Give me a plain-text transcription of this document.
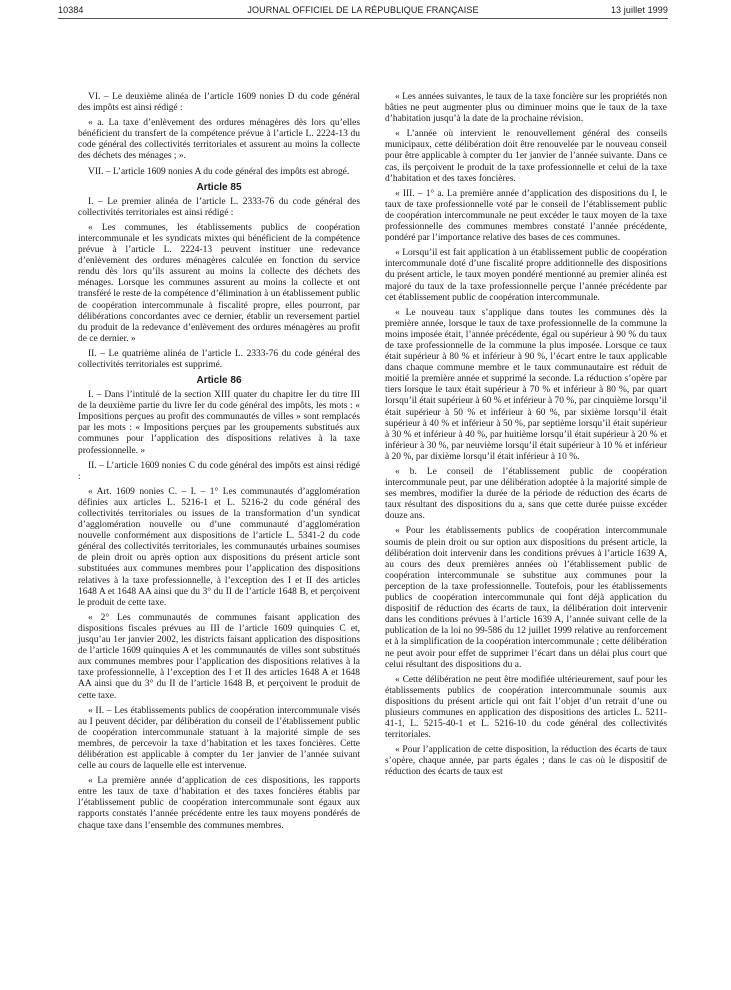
10384	JOURNAL OFFICIEL DE LA RÉPUBLIQUE FRANÇAISE	13 juillet 1999

VI. – Le deuxième alinéa de l’article 1609 nonies D du code général des impôts est ainsi rédigé :

« a. La taxe d’enlèvement des ordures ménagères dès lors qu’elles bénéficient du transfert de la compétence prévue à l’article L. 2224-13 du code général des collectivités territoriales et assurent au moins la collecte des déchets des ménages ; ».

VII. – L’article 1609 nonies A du code général des impôts est abrogé.

Article 85

I. – Le premier alinéa de l’article L. 2333-76 du code général des collectivités territoriales est ainsi rédigé :

« Les communes, les établissements publics de coopération intercommunale et les syndicats mixtes qui bénéficient de la compétence prévue à l’article L. 2224-13 peuvent instituer une redevance d’enlèvement des ordures ménagères calculée en fonction du service rendu dès lors qu’ils assurent au moins la collecte des déchets des ménages. Lorsque les communes assurent au moins la collecte et ont transféré le reste de la compétence d’élimination à un établissement public de coopération intercommunale à fiscalité propre, elles pourront, par délibérations concordantes avec ce dernier, établir un reversement partiel du produit de la redevance d’enlèvement des ordures ménagères au profit de ce dernier. »

II. – Le quatrième alinéa de l’article L. 2333-76 du code général des collectivités territoriales est supprimé.

Article 86

I. – Dans l’intitulé de la section XIII quater du chapitre Ier du titre III de la deuxième partie du livre Ier du code général des impôts, les mots : « Impositions perçues au profit des communautés de villes » sont remplacés par les mots : « Impositions perçues par les groupements substitués aux communes pour l’application des dispositions relatives à la taxe professionnelle. »

II. – L’article 1609 nonies C du code général des impôts est ainsi rédigé :

« Art. 1609 nonies C. – I. – 1° Les communautés d’agglomération définies aux articles L. 5216-1 et L. 5216-2 du code général des collectivités territoriales ou issues de la transformation d’un syndicat d’agglomération nouvelle ou d’une communauté d’agglomération nouvelle conformément aux dispositions de l’article L. 5341-2 du code général des collectivités territoriales, les communautés urbaines soumises de plein droit ou après option aux dispositions du présent article sont substituées aux communes membres pour l’application des dispositions relatives à la taxe professionnelle, à l’exception des I et II des articles 1648 A et 1648 AA ainsi que du 3° du II de l’article 1648 B, et perçoivent le produit de cette taxe.

« 2° Les communautés de communes faisant application des dispositions fiscales prévues au III de l’article 1609 quinquies C et, jusqu’au 1er janvier 2002, les districts faisant application des dispositions de l’article 1609 quinquies A et les communautés de villes sont substitués aux communes membres pour l’application des dispositions relatives à la taxe professionnelle, à l’exception des I et II des articles 1648 A et 1648 AA ainsi que du 3° du II de l’article 1648 B, et perçoivent le produit de cette taxe.

« II. – Les établissements publics de coopération intercommunale visés au I peuvent décider, par délibération du conseil de l’établissement public de coopération intercommunale statuant à la majorité simple de ses membres, de percevoir la taxe d’habitation et les taxes foncières. Cette délibération est applicable à compter du 1er janvier de l’année suivant celle au cours de laquelle elle est intervenue.

« La première année d’application de ces dispositions, les rapports entre les taux de taxe d’habitation et des taxes foncières établis par l’établissement public de coopération intercommunale sont égaux aux rapports constatés l’année précédente entre les taux moyens pondérés de chaque taxe dans l’ensemble des communes membres.

« Les années suivantes, le taux de la taxe foncière sur les propriétés non bâties ne peut augmenter plus ou diminuer moins que le taux de la taxe d’habitation jusqu’à la date de la prochaine révision.

« L’année où intervient le renouvellement général des conseils municipaux, cette délibération doit être renouvelée par le nouveau conseil pour être applicable à compter du 1er janvier de l’année suivante. Dans ce cas, ils perçoivent le produit de la taxe professionnelle et celui de la taxe d’habitation et des taxes foncières.

« III. – 1° a. La première année d’application des dispositions du I, le taux de taxe professionnelle voté par le conseil de l’établissement public de coopération intercommunale ne peut excéder le taux moyen de la taxe professionnelle des communes membres constaté l’année précédente, pondéré par l’importance relative des bases de ces communes.

« Lorsqu’il est fait application à un établissement public de coopération intercommunale doté d’une fiscalité propre additionnelle des dispositions du présent article, le taux moyen pondéré mentionné au premier alinéa est majoré du taux de la taxe professionnelle perçue l’année précédente par cet établissement public de coopération intercommunale.

« Le nouveau taux s’applique dans toutes les communes dès la première année, lorsque le taux de taxe professionnelle de la commune la moins imposée était, l’année précédente, égal ou supérieur à 90 % du taux de taxe professionnelle de la commune la plus imposée. Lorsque ce taux était supérieur à 80 % et inférieur à 90 %, l’écart entre le taux applicable dans chaque commune membre et le taux communautaire est réduit de moitié la première année et supprimé la seconde. La réduction s’opère par tiers lorsque le taux était supérieur à 70 % et inférieur à 80 %, par quart lorsqu’il était supérieur à 60 % et inférieur à 70 %, par cinquième lorsqu’il était supérieur à 50 % et inférieur à 60 %, par sixième lorsqu’il était supérieur à 40 % et inférieur à 50 %, par septième lorsqu’il était supérieur à 30 % et inférieur à 40 %, par huitième lorsqu’il était supérieur à 20 % et inférieur à 30 %, par neuvième lorsqu’il était supérieur à 10 % et inférieur à 20 %, par dixième lorsqu’il était inférieur à 10 %.

« b. Le conseil de l’établissement public de coopération intercommunale peut, par une délibération adoptée à la majorité simple de ses membres, modifier la durée de la période de réduction des écarts de taux résultant des dispositions du a, sans que cette durée puisse excéder douze ans.

« Pour les établissements publics de coopération intercommunale soumis de plein droit ou sur option aux dispositions du présent article, la délibération doit intervenir dans les conditions prévues à l’article 1639 A, au cours des deux premières années où l’établissement public de coopération intercommunale se substitue aux communes pour la perception de la taxe professionnelle. Toutefois, pour les établissements publics de coopération intercommunale qui font déjà application du dispositif de réduction des écarts de taux, la délibération doit intervenir dans les conditions prévues à l’article 1639 A, l’année suivant celle de la publication de la loi no 99-586 du 12 juillet 1999 relative au renforcement et à la simplification de la coopération intercommunale ; cette délibération ne peut avoir pour effet de supprimer l’écart dans un délai plus court que celui résultant des dispositions du a.

« Cette délibération ne peut être modifiée ultérieurement, sauf pour les établissements publics de coopération intercommunale soumis aux dispositions du présent article qui ont fait l’objet d’un retrait d’une ou plusieurs communes en application des dispositions des articles L. 5211-41-1, L. 5215-40-1 et L. 5216-10 du code général des collectivités territoriales.

« Pour l’application de cette disposition, la réduction des écarts de taux s’opère, chaque année, par parts égales ; dans le cas où le dispositif de réduction des écarts de taux est
